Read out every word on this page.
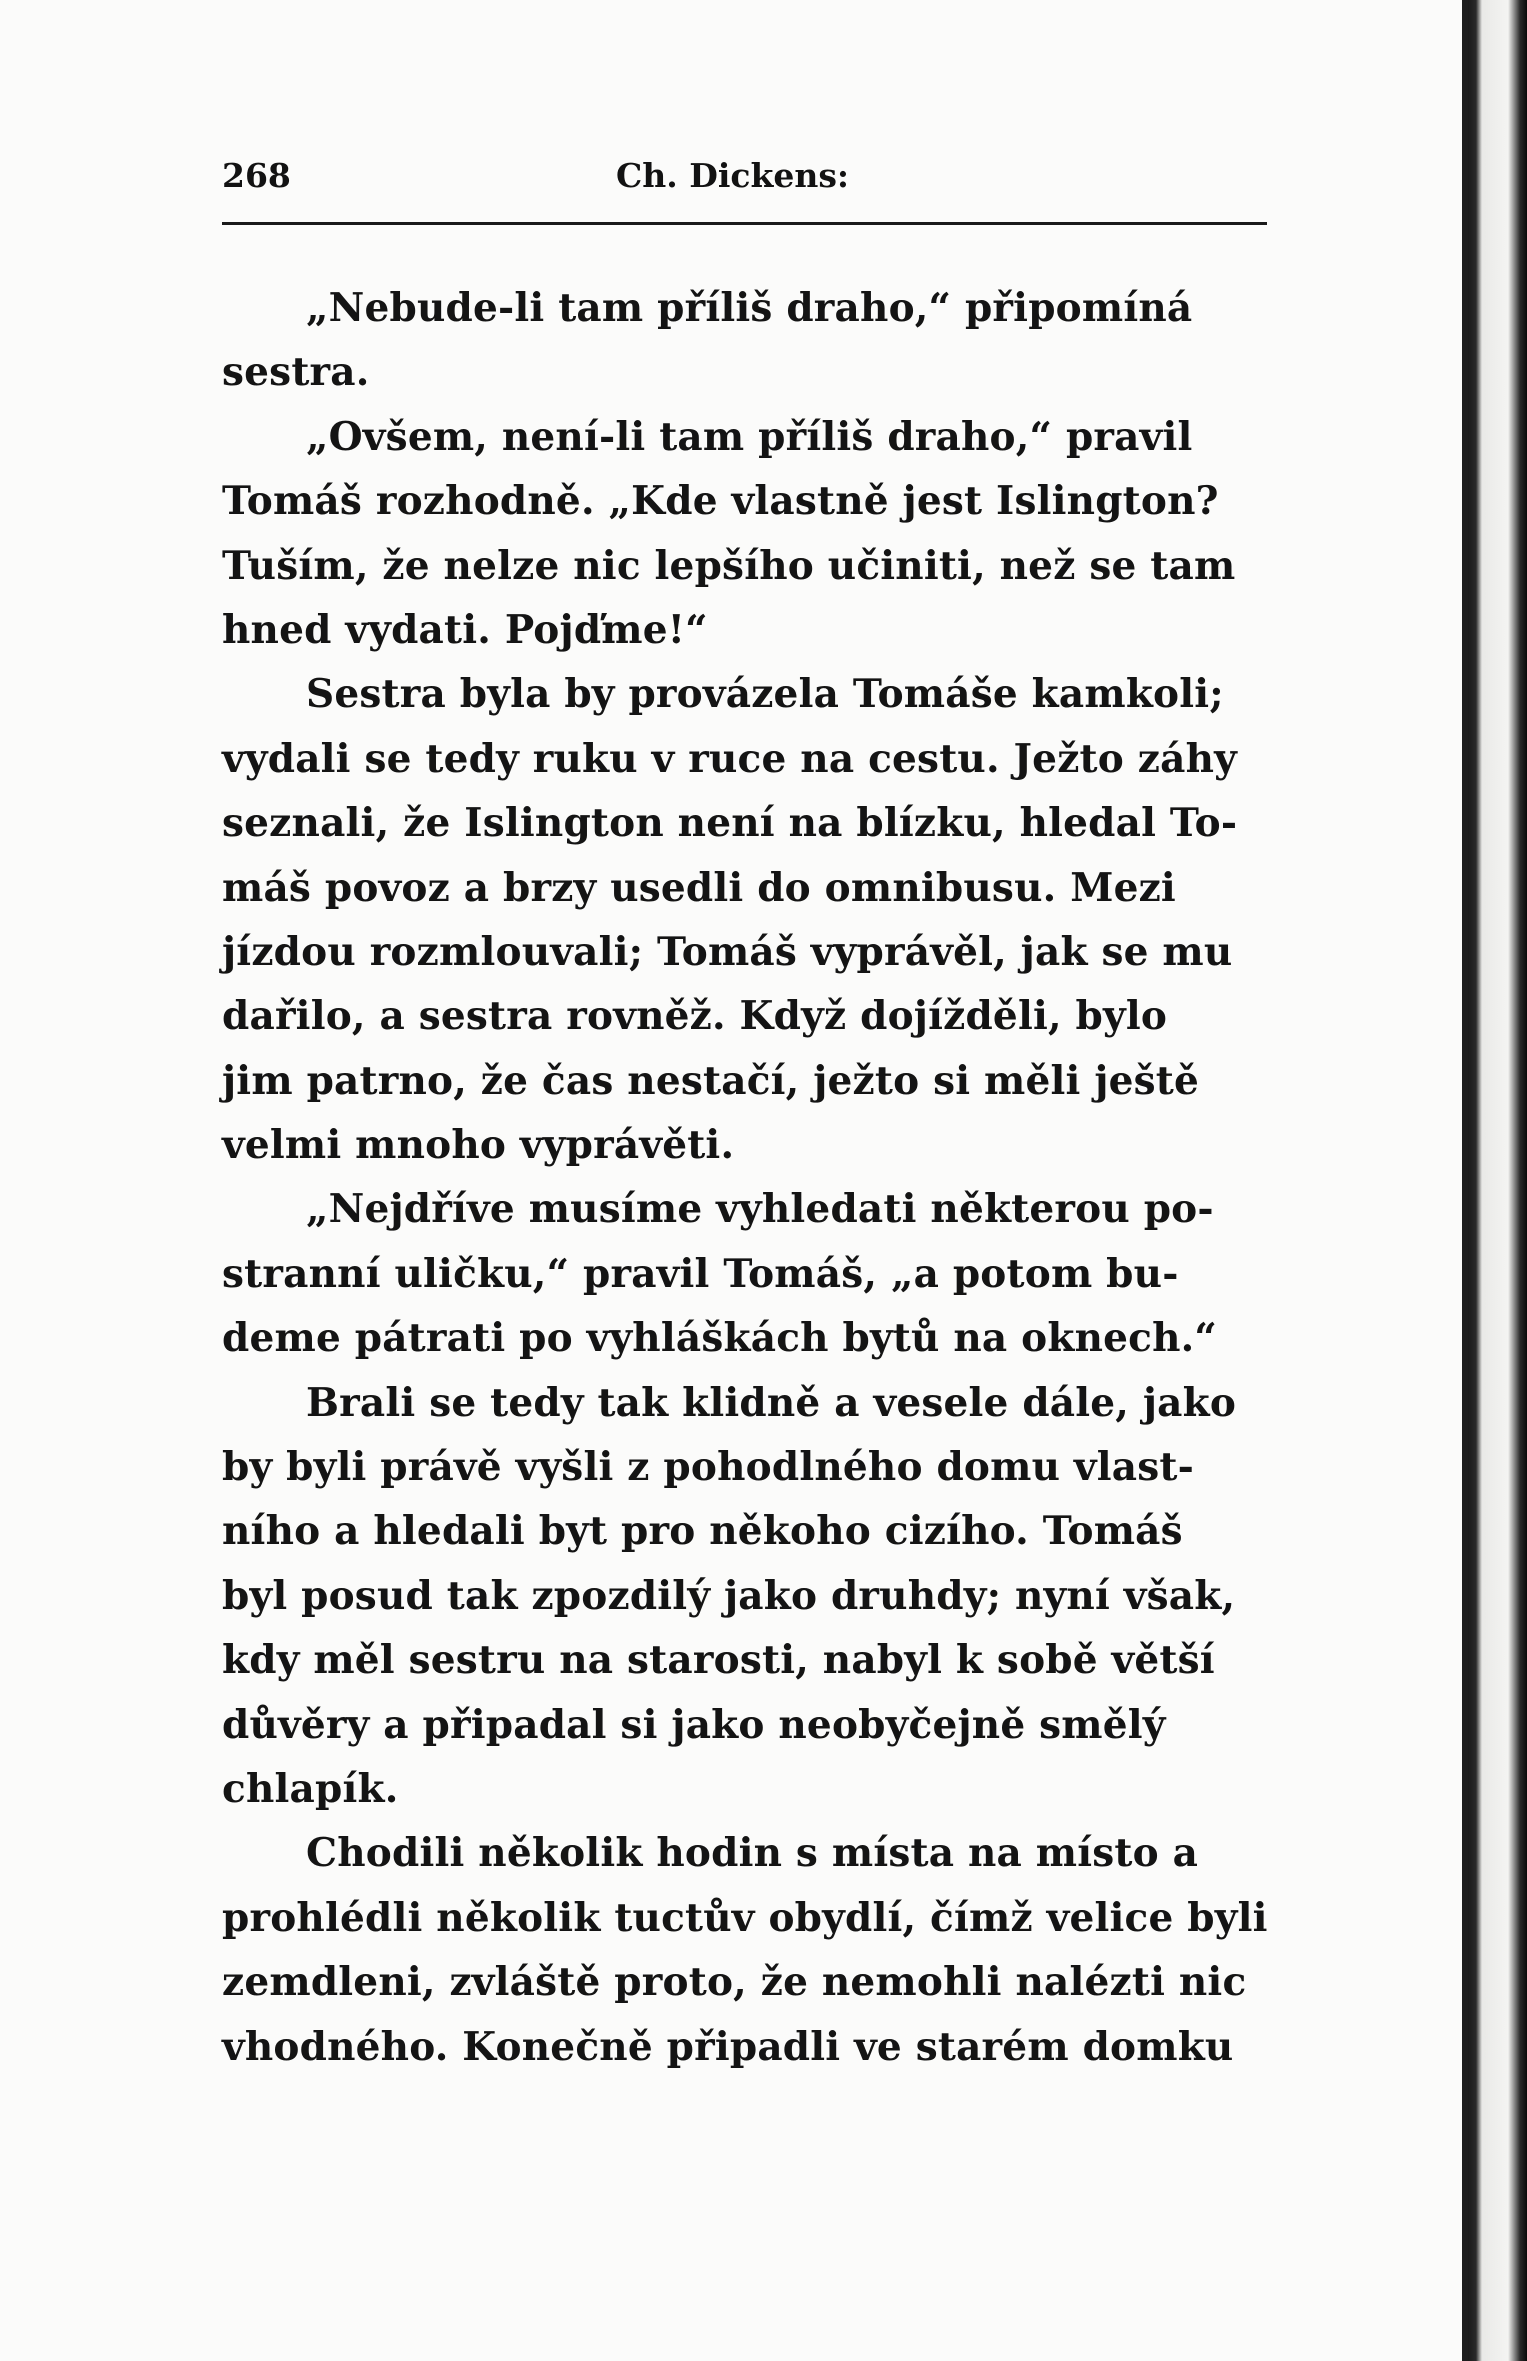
268	Ch. Dickens:
„Nebude-li tam příliš draho,“ připomíná
sestra.
„Ovšem, není-li tam příliš draho,“ pravil
Tomáš rozhodně. „Kde vlastně jest Islington?
Tuším, že nelze nic lepšího učiniti, než se tam
hned vydati. Pojďme!“
Sestra byla by provázela Tomáše kamkoli;
vydali se tedy ruku v ruce na cestu. Ježto záhy
seznali, že Islington není na blízku, hledal To-
máš povoz a brzy usedli do omnibusu. Mezi
jízdou rozmlouvali; Tomáš vyprávěl, jak se mu
dařilo, a sestra rovněž. Když dojížděli, bylo
jim patrno, že čas nestačí, ježto si měli ještě
velmi mnoho vyprávěti.
„Nejdříve musíme vyhledati některou po-
stranní uličku,“ pravil Tomáš, „a potom bu-
deme pátrati po vyhláškách bytů na oknech.“
Brali se tedy tak klidně a vesele dále, jako
by byli právě vyšli z pohodlného domu vlast-
ního a hledali byt pro někoho cizího. Tomáš
byl posud tak zpozdilý jako druhdy; nyní však,
kdy měl sestru na starosti, nabyl k sobě větší
důvěry a připadal si jako neobyčejně smělý
chlapík.
Chodili několik hodin s místa na místo a
prohlédli několik tuctův obydlí, čímž velice byli
zemdleni, zvláště proto, že nemohli nalézti nic
vhodného. Konečně připadli ve starém domku
